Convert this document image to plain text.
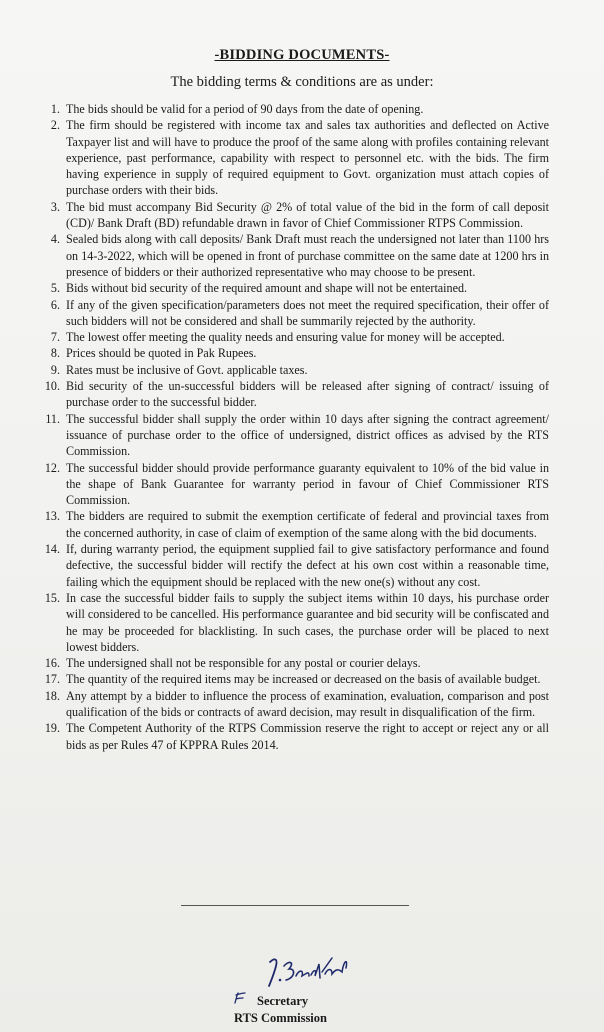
-BIDDING DOCUMENTS-
The bidding terms & conditions are as under:
1. The bids should be valid for a period of 90 days from the date of opening.
2. The firm should be registered with income tax and sales tax authorities and deflected on Active Taxpayer list and will have to produce the proof of the same along with profiles containing relevant experience, past performance, capability with respect to personnel etc. with the bids. The firm having experience in supply of required equipment to Govt. organization must attach copies of purchase orders with their bids.
3. The bid must accompany Bid Security @ 2% of total value of the bid in the form of call deposit (CD)/ Bank Draft (BD) refundable drawn in favor of Chief Commissioner RTPS Commission.
4. Sealed bids along with call deposits/ Bank Draft must reach the undersigned not later than 1100 hrs on 14-3-2022, which will be opened in front of purchase committee on the same date at 1200 hrs in presence of bidders or their authorized representative who may choose to be present.
5. Bids without bid security of the required amount and shape will not be entertained.
6. If any of the given specification/parameters does not meet the required specification, their offer of such bidders will not be considered and shall be summarily rejected by the authority.
7. The lowest offer meeting the quality needs and ensuring value for money will be accepted.
8. Prices should be quoted in Pak Rupees.
9. Rates must be inclusive of Govt. applicable taxes.
10. Bid security of the un-successful bidders will be released after signing of contract/ issuing of purchase order to the successful bidder.
11. The successful bidder shall supply the order within 10 days after signing the contract agreement/ issuance of purchase order to the office of undersigned, district offices as advised by the RTS Commission.
12. The successful bidder should provide performance guaranty equivalent to 10% of the bid value in the shape of Bank Guarantee for warranty period in favour of Chief Commissioner RTS Commission.
13. The bidders are required to submit the exemption certificate of federal and provincial taxes from the concerned authority, in case of claim of exemption of the same along with the bid documents.
14. If, during warranty period, the equipment supplied fail to give satisfactory performance and found defective, the successful bidder will rectify the defect at his own cost within a reasonable time, failing which the equipment should be replaced with the new one(s) without any cost.
15. In case the successful bidder fails to supply the subject items within 10 days, his purchase order will considered to be cancelled. His performance guarantee and bid security will be confiscated and he may be proceeded for blacklisting. In such cases, the purchase order will be placed to next lowest bidders.
16. The undersigned shall not be responsible for any postal or courier delays.
17. The quantity of the required items may be increased or decreased on the basis of available budget.
18. Any attempt by a bidder to influence the process of examination, evaluation, comparison and post qualification of the bids or contracts of award decision, may result in disqualification of the firm.
19. The Competent Authority of the RTPS Commission reserve the right to accept or reject any or all bids as per Rules 47 of KPPRA Rules 2014.
Secretary
RTS Commission
